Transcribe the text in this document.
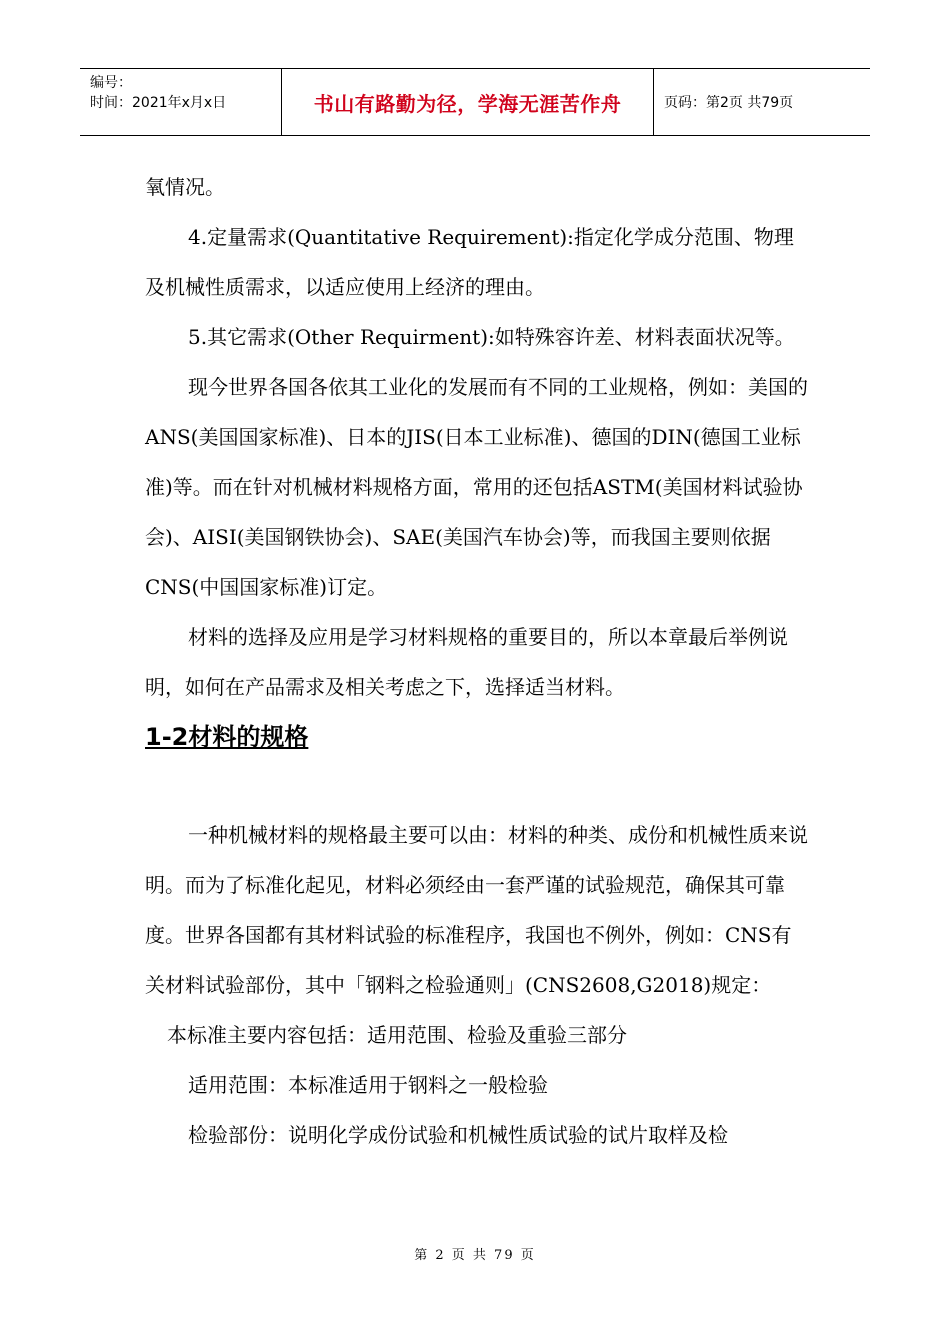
编号：
时间：2021年x月x日	书山有路勤为径，学海无涯苦作舟	页码：第2页 共79页

氧情况。

4.定量需求(Quantitative Requirement):指定化学成分范围、物理及机械性质需求，以适应使用上经济的理由。

5.其它需求(Other Requirment):如特殊容许差、材料表面状况等。

现今世界各国各依其工业化的发展而有不同的工业规格，例如：美国的ANS(美国国家标准)、日本的JIS(日本工业标准)、德国的DIN(德国工业标准)等。而在针对机械材料规格方面，常用的还包括ASTM(美国材料试验协会)、AISI(美国钢铁协会)、SAE(美国汽车协会)等，而我国主要则依据CNS(中国国家标准)订定。

材料的选择及应用是学习材料规格的重要目的，所以本章最后举例说明，如何在产品需求及相关考虑之下，选择适当材料。

1-2材料的规格

一种机械材料的规格最主要可以由：材料的种类、成份和机械性质来说明。而为了标准化起见，材料必须经由一套严谨的试验规范，确保其可靠度。世界各国都有其材料试验的标准程序，我国也不例外，例如：CNS有关材料试验部份，其中「钢料之检验通则」(CNS2608,G2018)规定：

本标准主要内容包括：适用范围、检验及重验三部分

适用范围：本标准适用于钢料之一般检验

检验部份：说明化学成份试验和机械性质试验的试片取样及检

第 2 页 共 79 页
